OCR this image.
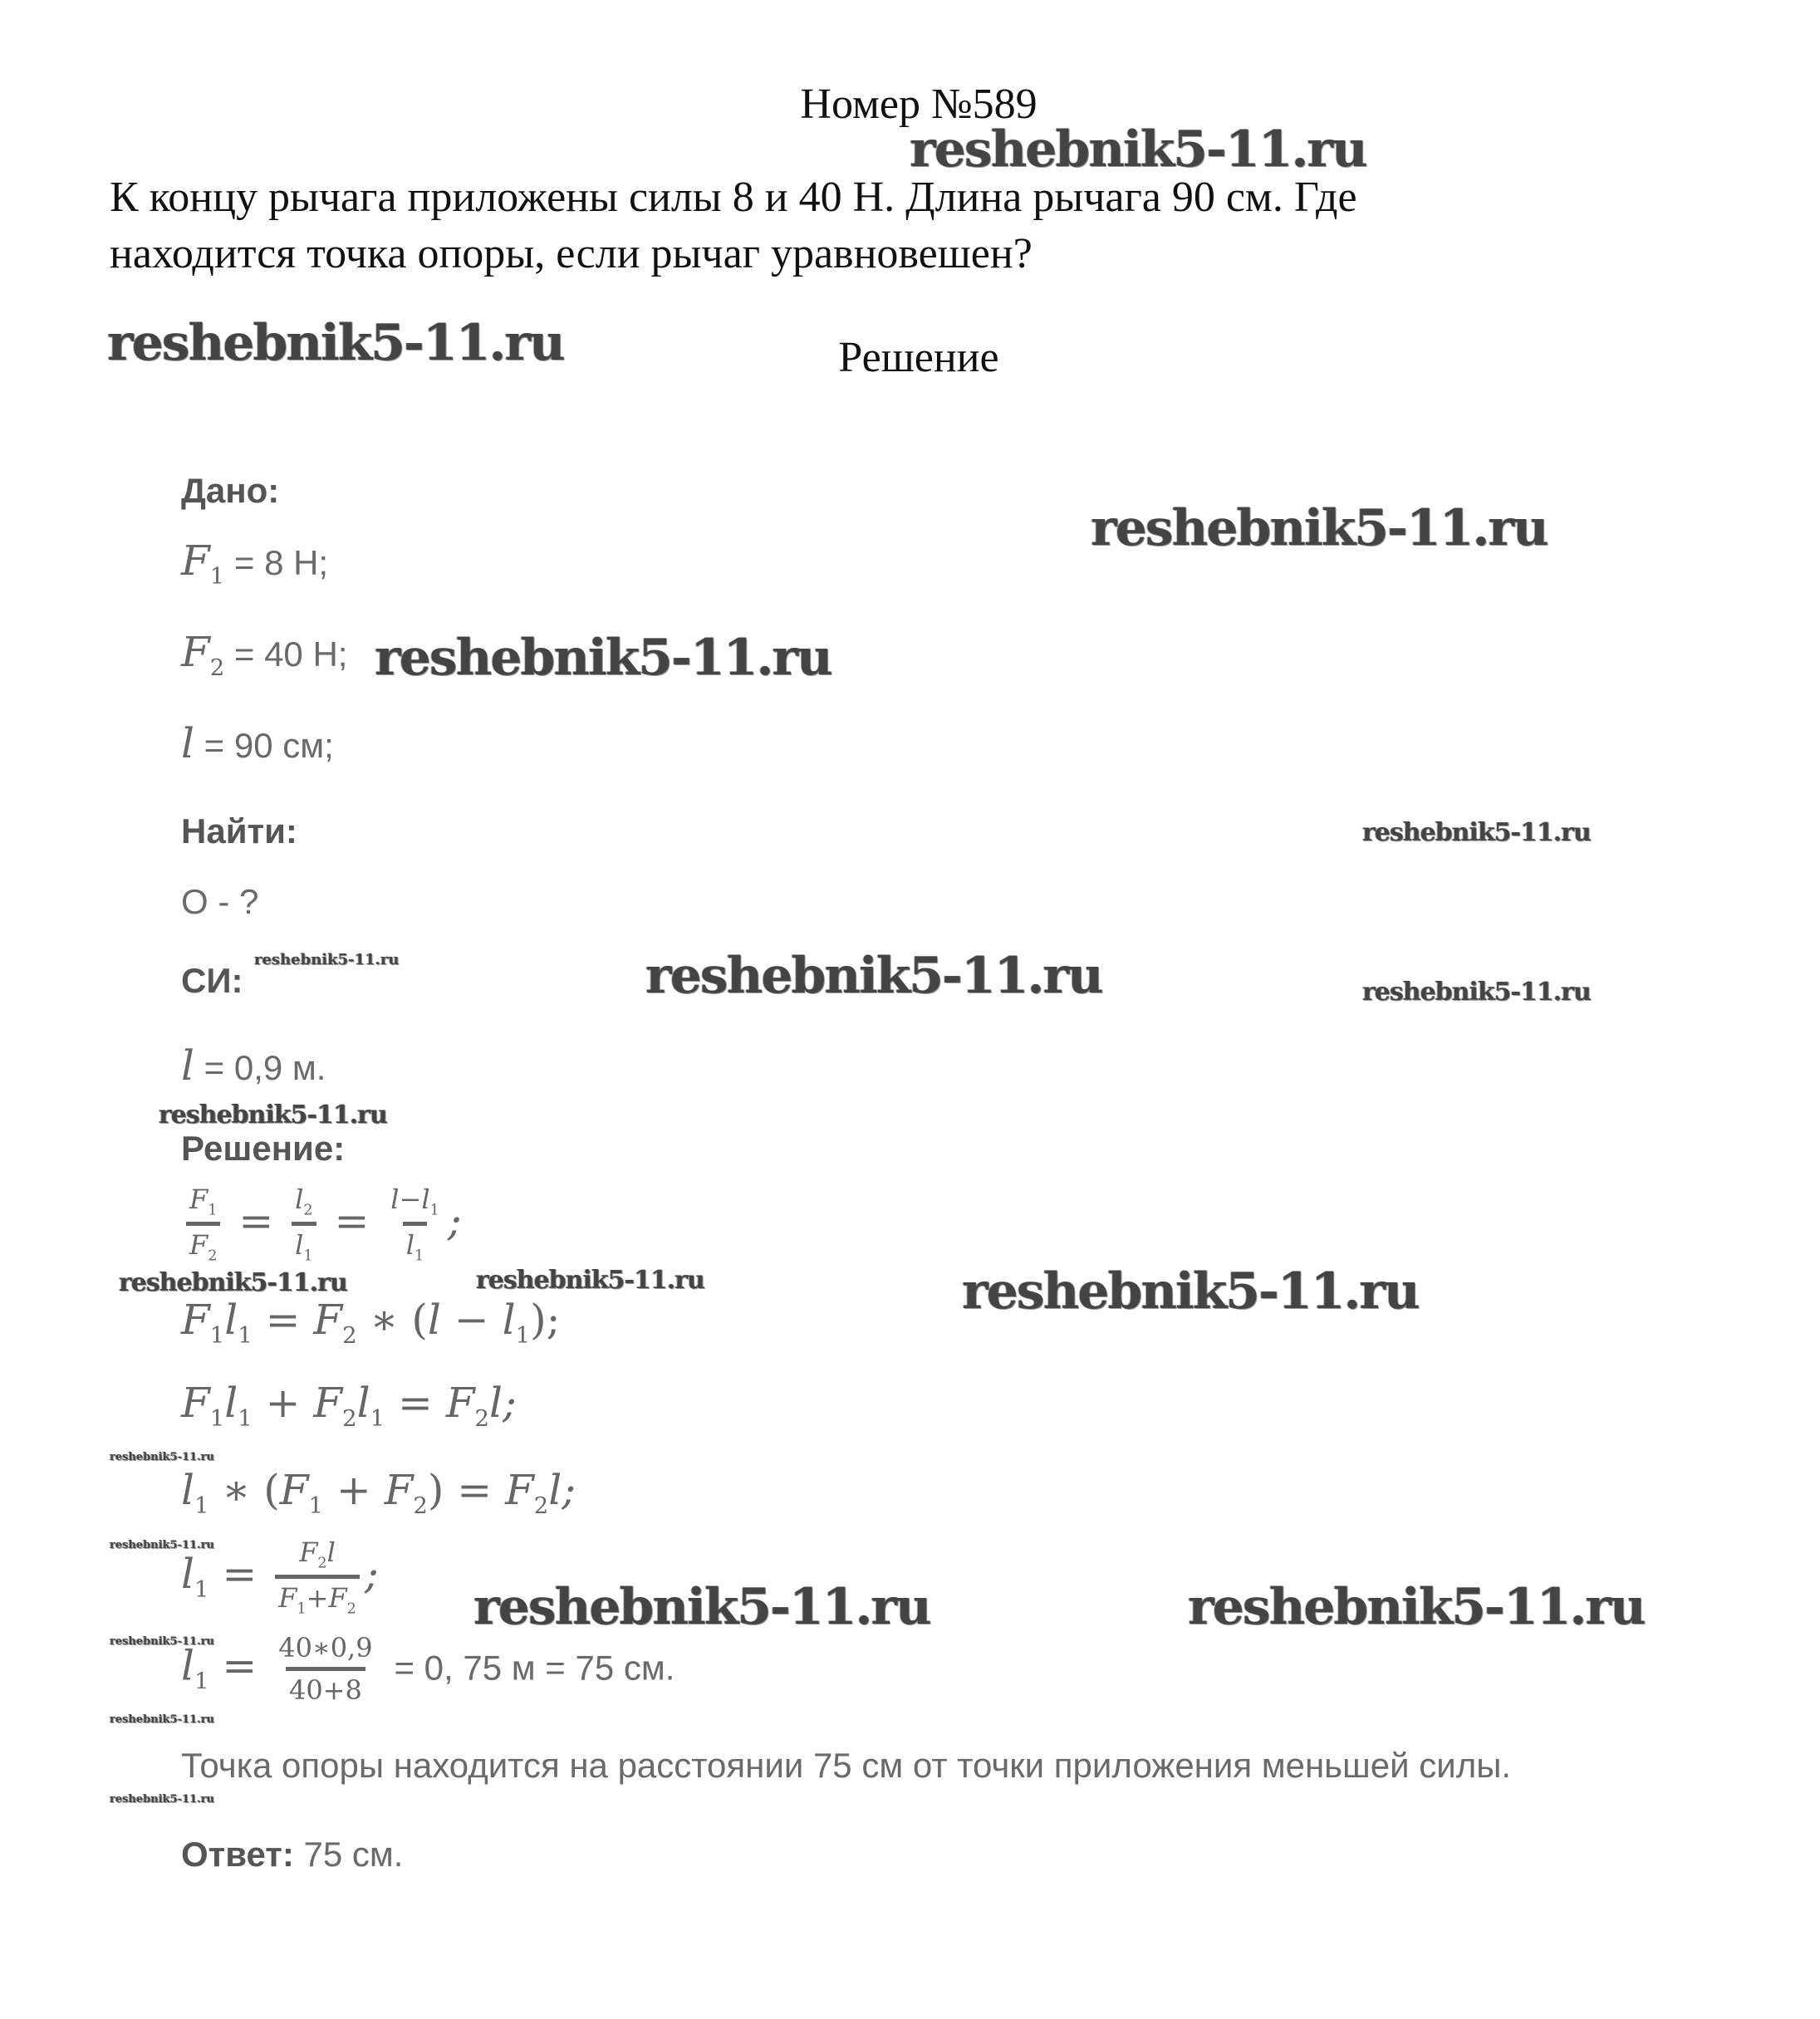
Номер №589
К концу рычага приложены силы 8 и 40 Н. Длина рычага 90 см. Где
находится точка опоры, если рычаг уравновешен?
Решение
Дано:
$F_1 = 8$ Н;
$F_2 = 40$ Н;
l = 90 см;
Найти:
O - ?
СИ:
l = 0,9 м.
Решение:
$\frac{F_1}{F_2} = \frac{l_2}{l_1} = \frac{l-l_1}{l_1}$ ;
$F_1l_1 = F_2$ ∗ $(l - l_1)$;
$F_1l_1 + F_2l_1 = F_2l$;
$l_1$ ∗ $(F_1 + F_2) = F_2l$;
$l_1 = \frac{F_2l}{F_1+F_2}$ ;
$l_1 = \frac{40∗0,9}{40+8} = 0$, 75 м = 75 см.
Точка опоры находится на расстоянии 75 см от точки приложения меньшей силы.
Ответ: 75 см.
reshebnik5-11.ru
reshebnik5-11.ru
reshebnik5-11.ru
reshebnik5-11.ru
reshebnik5-11.ru
reshebnik5-11.ru	reshebnik5-11.ru	reshebnik5-11.ru
reshebnik5-11.ru
reshebnik5-11.ru	reshebnik5-11.ru	reshebnik5-11.ru
reshebnik5-11.ru
reshebnik5-11.ru
reshebnik5-11.ru	reshebnik5-11.ru
reshebnik5-11.ru
reshebnik5-11.ru
reshebnik5-11.ru
